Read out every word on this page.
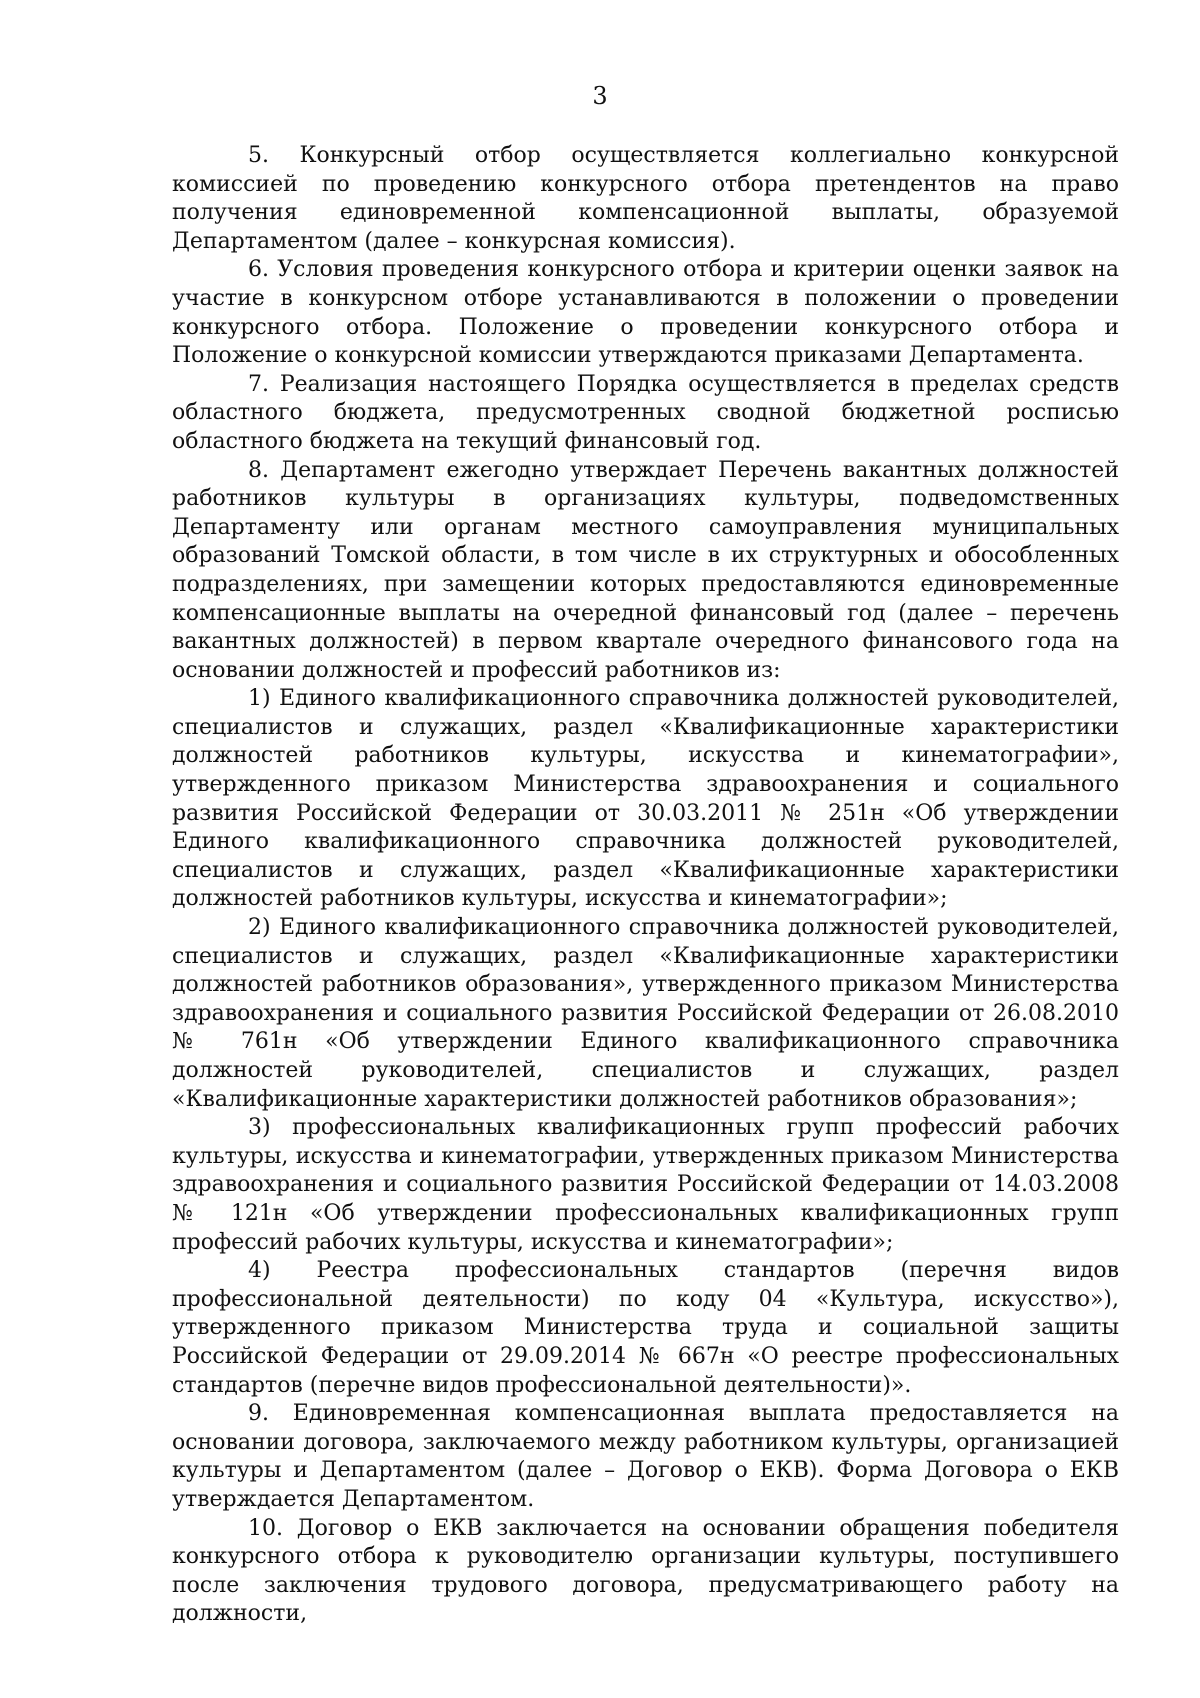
3

5. Конкурсный отбор осуществляется коллегиально конкурсной комиссией по проведению конкурсного отбора претендентов на право получения единовременной компенсационной выплаты, образуемой Департаментом (далее – конкурсная комиссия).

6. Условия проведения конкурсного отбора и критерии оценки заявок на участие в конкурсном отборе устанавливаются в положении о проведении конкурсного отбора. Положение о проведении конкурсного отбора и Положение о конкурсной комиссии утверждаются приказами Департамента.

7. Реализация настоящего Порядка осуществляется в пределах средств областного бюджета, предусмотренных сводной бюджетной росписью областного бюджета на текущий финансовый год.

8. Департамент ежегодно утверждает Перечень вакантных должностей работников культуры в организациях культуры, подведомственных Департаменту или органам местного самоуправления муниципальных образований Томской области, в том числе в их структурных и обособленных подразделениях, при замещении которых предоставляются единовременные компенсационные выплаты на очередной финансовый год (далее – перечень вакантных должностей) в первом квартале очередного финансового года на основании должностей и профессий работников из:

1) Единого квалификационного справочника должностей руководителей, специалистов и служащих, раздел «Квалификационные характеристики должностей работников культуры, искусства и кинематографии», утвержденного приказом Министерства здравоохранения и социального развития Российской Федерации от 30.03.2011 № 251н «Об утверждении Единого квалификационного справочника должностей руководителей, специалистов и служащих, раздел «Квалификационные характеристики должностей работников культуры, искусства и кинематографии»;

2) Единого квалификационного справочника должностей руководителей, специалистов и служащих, раздел «Квалификационные характеристики должностей работников образования», утвержденного приказом Министерства здравоохранения и социального развития Российской Федерации от 26.08.2010 № 761н «Об утверждении Единого квалификационного справочника должностей руководителей, специалистов и служащих, раздел «Квалификационные характеристики должностей работников образования»;

3) профессиональных квалификационных групп профессий рабочих культуры, искусства и кинематографии, утвержденных приказом Министерства здравоохранения и социального развития Российской Федерации от 14.03.2008 № 121н «Об утверждении профессиональных квалификационных групп профессий рабочих культуры, искусства и кинематографии»;

4) Реестра профессиональных стандартов (перечня видов профессиональной деятельности) по коду 04 «Культура, искусство»), утвержденного приказом Министерства труда и социальной защиты Российской Федерации от 29.09.2014 № 667н «О реестре профессиональных стандартов (перечне видов профессиональной деятельности)».

9. Единовременная компенсационная выплата предоставляется на основании договора, заключаемого между работником культуры, организацией культуры и Департаментом (далее – Договор о ЕКВ). Форма Договора о ЕКВ утверждается Департаментом.

10. Договор о ЕКВ заключается на основании обращения победителя конкурсного отбора к руководителю организации культуры, поступившего после заключения трудового договора, предусматривающего работу на должности,
